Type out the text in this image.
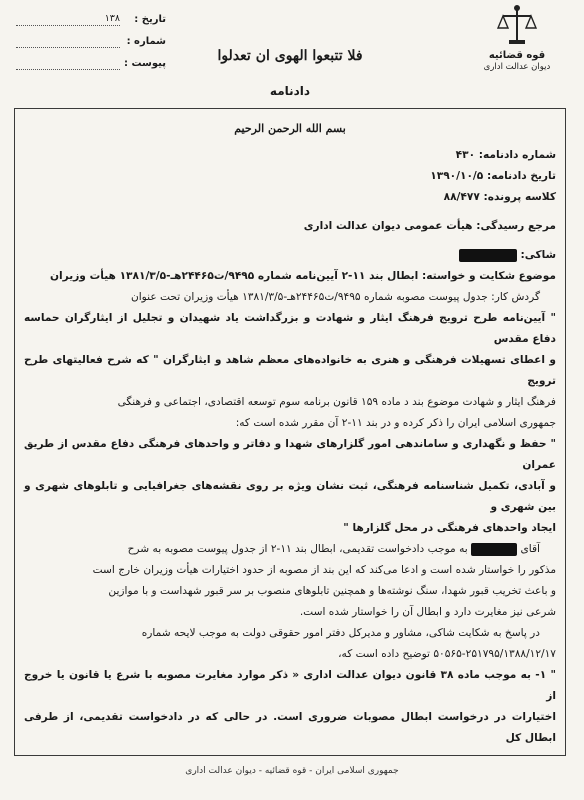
قوه قضائیه
دیوان عدالت اداری
فلا تتبعوا الهوی ان تعدلوا
دادنامه
تاریخ :
۱۳۸
شماره :
پیوست :
بسم الله الرحمن الرحیم
شماره دادنامه: ۴۳۰
تاریخ دادنامه: ۱۳۹۰/۱۰/۵
کلاسه پرونده: ۸۸/۴۷۷
مرجع رسیدگی: هیأت عمومی دیوان عدالت اداری
شاکی:
موضوع شکایت و خواسته: ابطال بند ۱۱-۲ آیین‌نامه شماره ۹۴۹۵/ت۲۴۴۶۵هـ-۱۳۸۱/۳/۵ هیأت وزیران
گردش کار: جدول پیوست مصوبه شماره ۹۴۹۵/ت۲۴۴۶۵هـ-۱۳۸۱/۳/۵ هیأت وزیران تحت عنوان
" آیین‌نامه طرح ترویج فرهنگ ایثار و شهادت و بزرگداشت یاد شهیدان و تجلیل از ایثارگران حماسه دفاع مقدس
و اعطای تسهیلات فرهنگی و هنری به خانواده‌های معظم شاهد و ایثارگران " که شرح فعالیتهای طرح ترویج
فرهنگ ایثار و شهادت موضوع بند د ماده ۱۵۹ قانون برنامه سوم توسعه اقتصادی، اجتماعی و فرهنگی
جمهوری اسلامی ایران را ذکر کرده و در بند ۱۱-۲ آن مقرر شده است که:
" حفظ و نگهداری و ساماندهی امور گلزارهای شهدا و دفاتر و واحدهای فرهنگی دفاع مقدس از طریق عمران
و آبادی، تکمیل شناسنامه فرهنگی، ثبت نشان ویژه بر روی نقشه‌های جغرافیایی و تابلوهای شهری و بین شهری و
ایجاد واحدهای فرهنگی در محل گلزارها "
آقای  به موجب دادخواست تقدیمی، ابطال بند ۱۱-۲ از جدول پیوست مصوبه به شرح
مذکور را خواستار شده است و ادعا می‌کند که این بند از مصوبه از حدود اختیارات هیأت وزیران خارج است
و باعث تخریب قبور شهدا، سنگ نوشته‌ها و همچنین تابلوهای منصوب بر سر قبور شهداست و با موازین
شرعی نیز مغایرت دارد و ابطال آن را خواستار شده است.
در پاسخ به شکایت شاکی، مشاور و مدیرکل دفتر امور حقوقی دولت به موجب لایحه شماره
۵۰۵۶۵-۲۵۱۷۹۵/۱۳۸۸/۱۲/۱۷ توضیح داده است که،
" ۱- به موجب ماده ۳۸ قانون دیوان عدالت اداری « ذکر موارد مغایرت مصوبه با شرع یا قانون یا خروج از
اختیارات در درخواست ابطال مصوبات ضروری است. در حالی که در دادخواست تقدیمی، از طرفی ابطال کل
جمهوری اسلامی ایران - قوه قضائیه - دیوان عدالت اداری
